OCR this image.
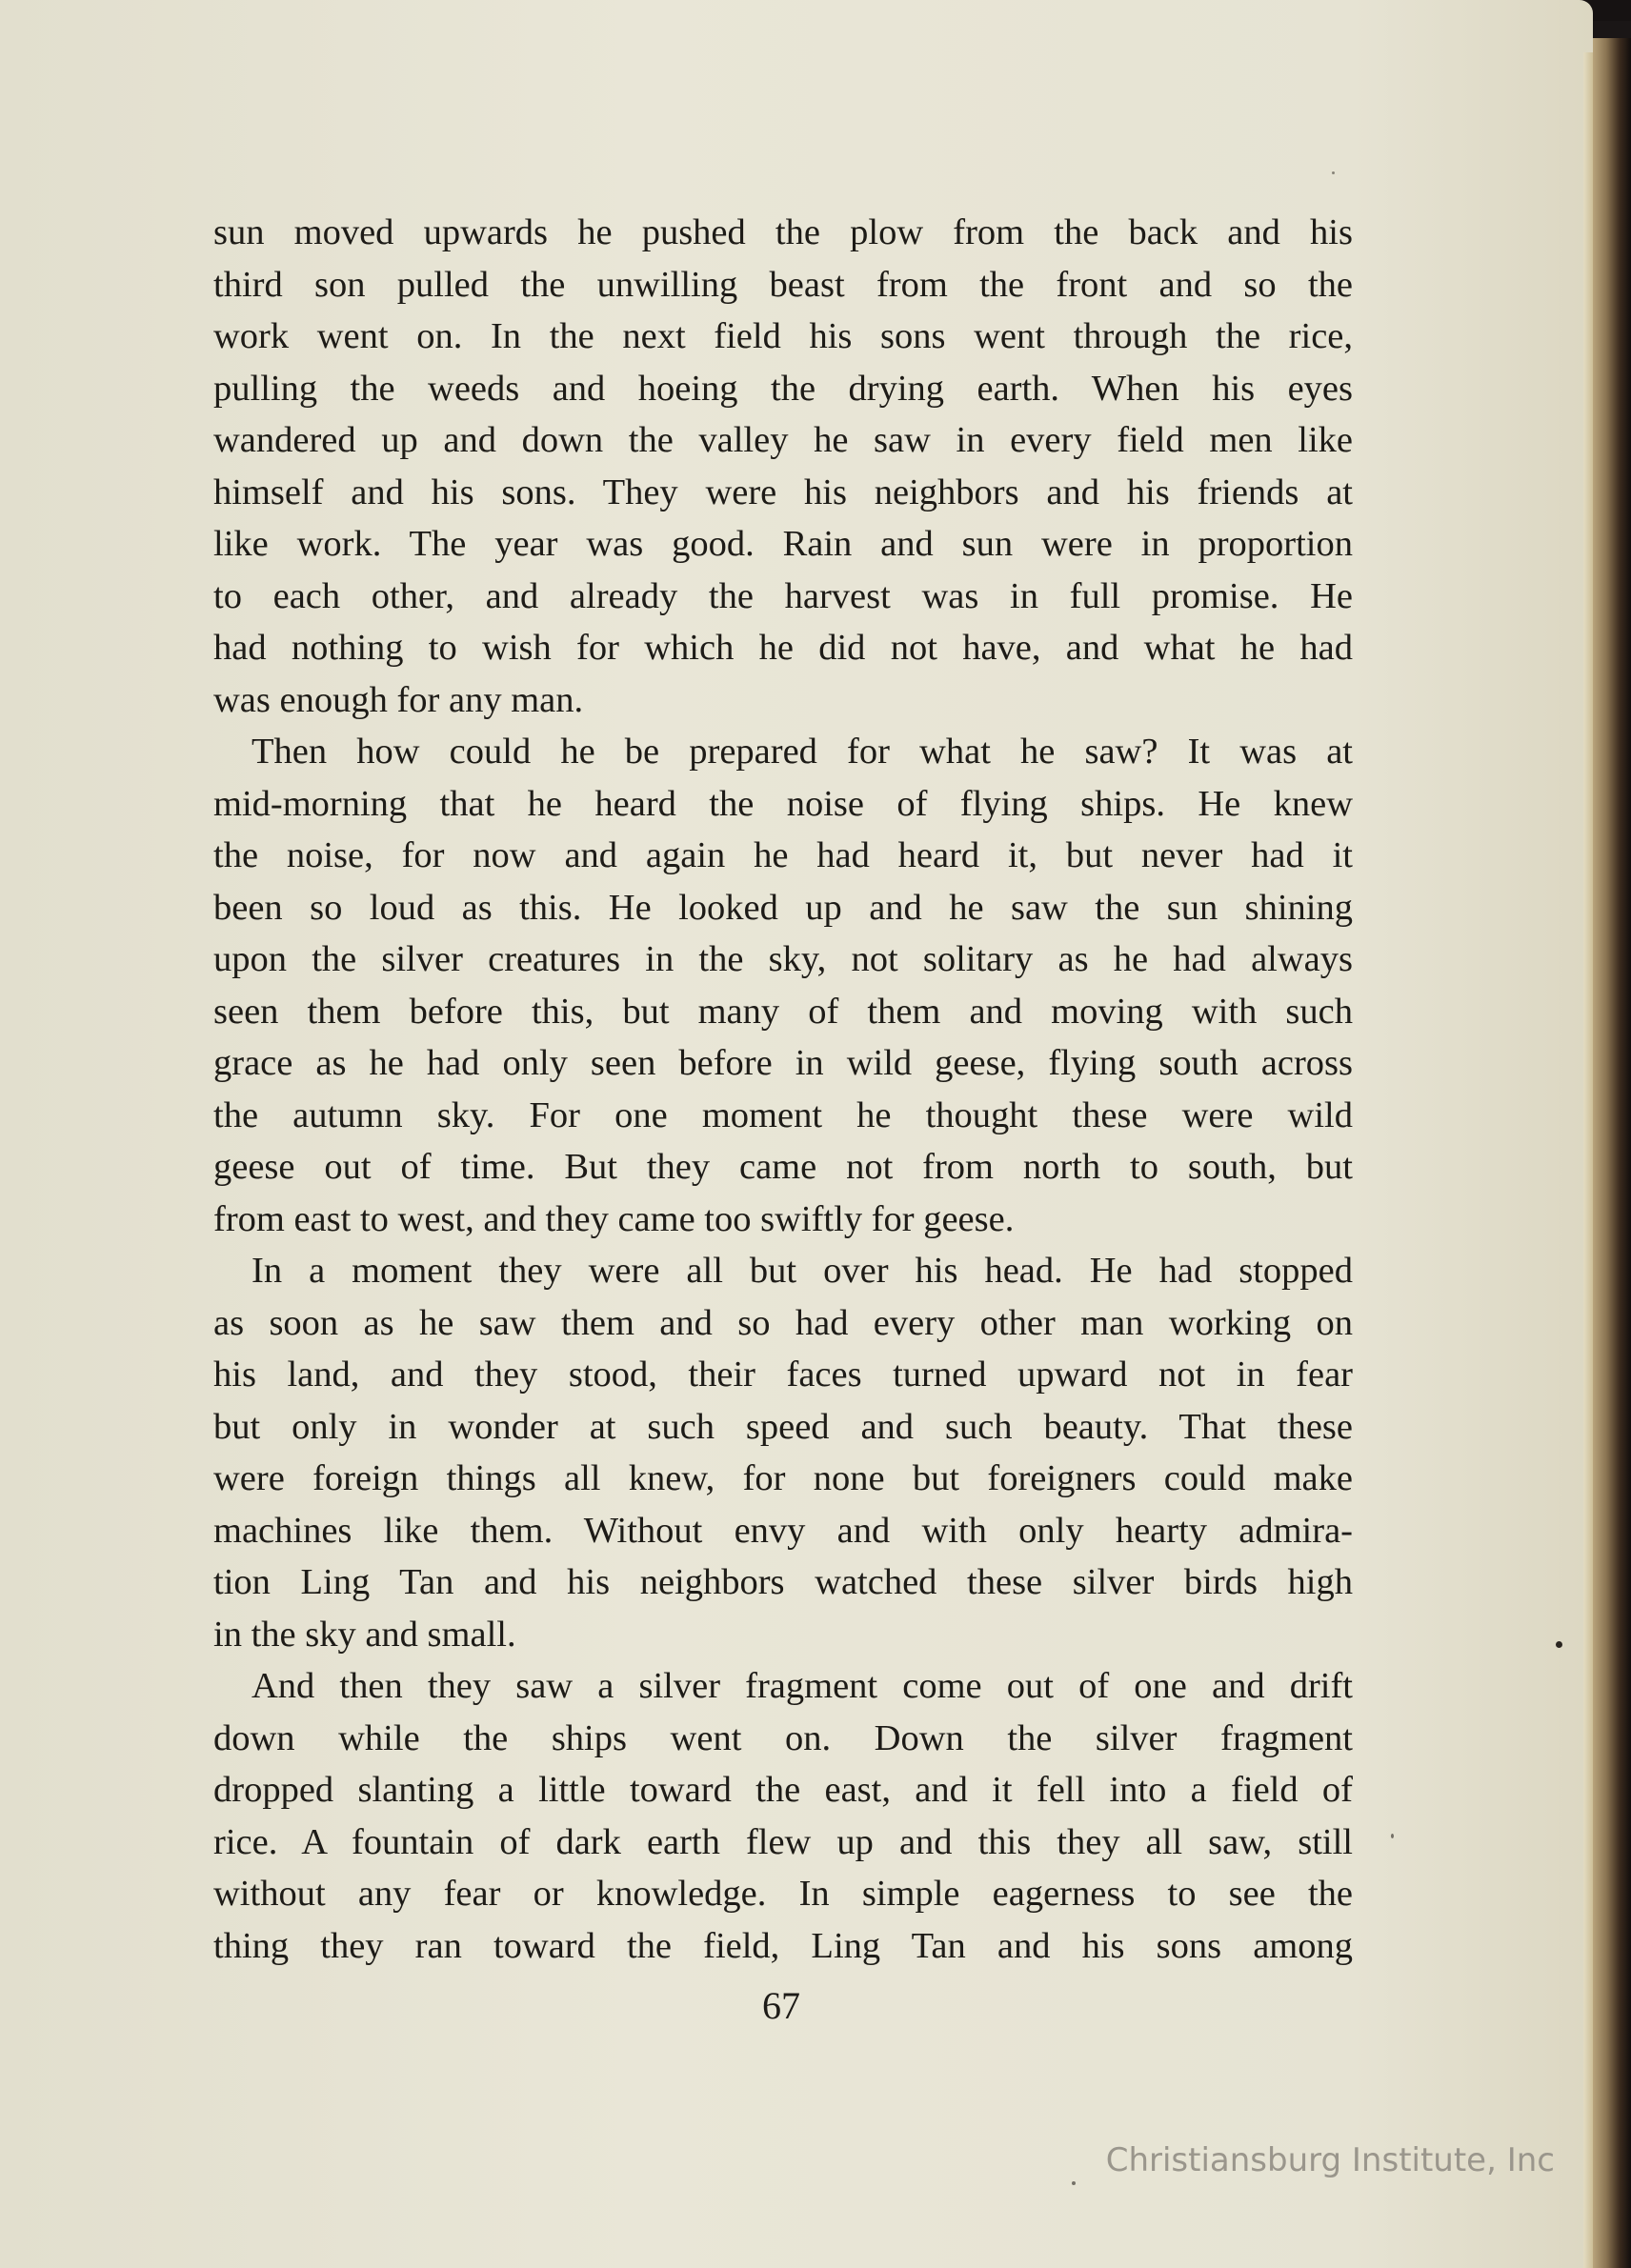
sun moved upwards he pushed the plow from the back and his
third son pulled the unwilling beast from the front and so the
work went on. In the next field his sons went through the rice,
pulling the weeds and hoeing the drying earth. When his eyes
wandered up and down the valley he saw in every field men like
himself and his sons. They were his neighbors and his friends at
like work. The year was good. Rain and sun were in proportion
to each other, and already the harvest was in full promise. He
had nothing to wish for which he did not have, and what he had
was enough for any man.
Then how could he be prepared for what he saw? It was at
mid-morning that he heard the noise of flying ships. He knew
the noise, for now and again he had heard it, but never had it
been so loud as this. He looked up and he saw the sun shining
upon the silver creatures in the sky, not solitary as he had always
seen them before this, but many of them and moving with such
grace as he had only seen before in wild geese, flying south across
the autumn sky. For one moment he thought these were wild
geese out of time. But they came not from north to south, but
from east to west, and they came too swiftly for geese.
In a moment they were all but over his head. He had stopped
as soon as he saw them and so had every other man working on
his land, and they stood, their faces turned upward not in fear
but only in wonder at such speed and such beauty. That these
were foreign things all knew, for none but foreigners could make
machines like them. Without envy and with only hearty admira-
tion Ling Tan and his neighbors watched these silver birds high
in the sky and small.
And then they saw a silver fragment come out of one and drift
down while the ships went on. Down the silver fragment
dropped slanting a little toward the east, and it fell into a field of
rice. A fountain of dark earth flew up and this they all saw, still
without any fear or knowledge. In simple eagerness to see the
thing they ran toward the field, Ling Tan and his sons among
67
Christiansburg Institute, Inc
